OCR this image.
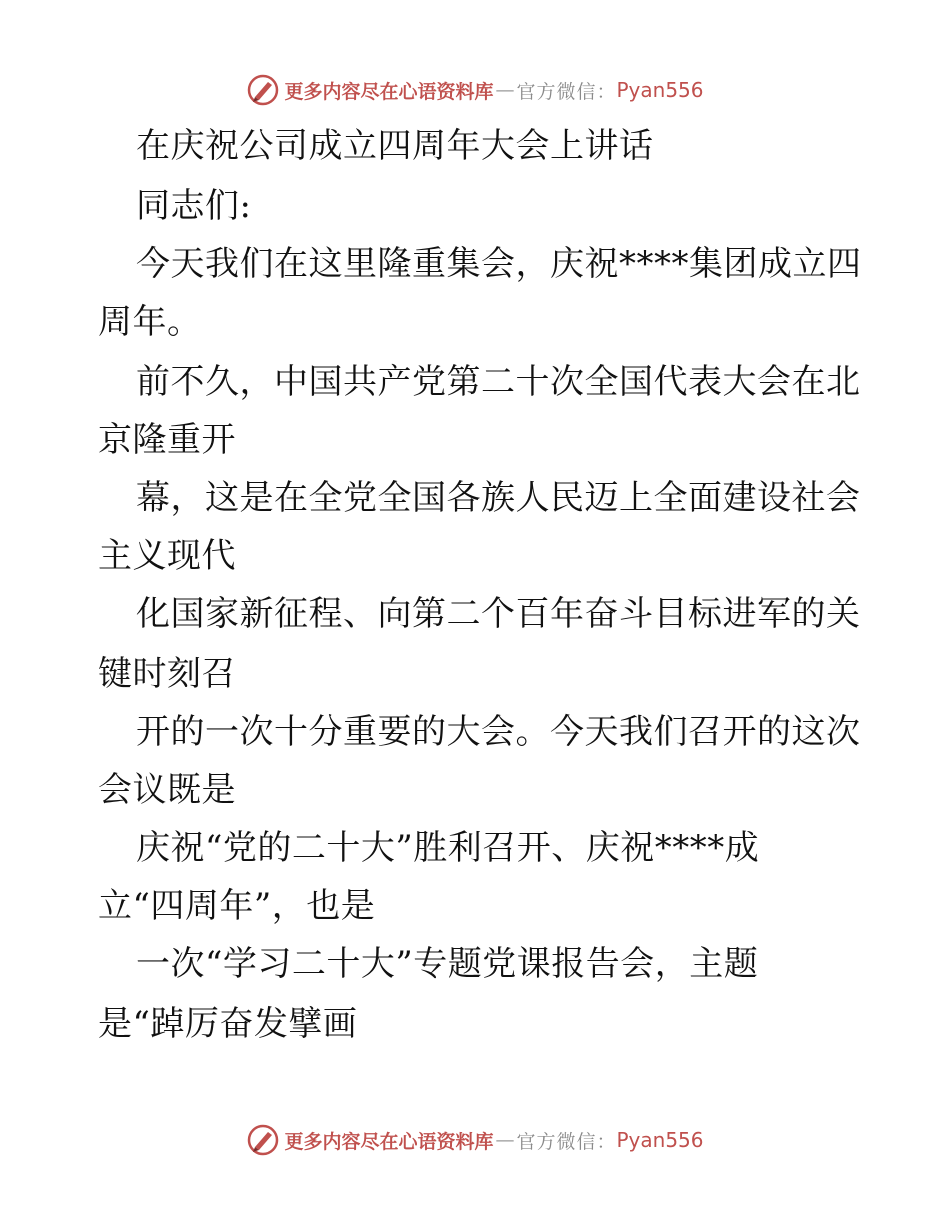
更多内容尽在心语资料库 — 官方微信： Pyan556
在庆祝公司成立四周年大会上讲话
同志们:
今天我们在这里隆重集会，庆祝****集团成立四
周年。
前不久，中国共产党第二十次全国代表大会在北
京隆重开
幕，这是在全党全国各族人民迈上全面建设社会
主义现代
化国家新征程、向第二个百年奋斗目标进军的关
键时刻召
开的一次十分重要的大会。今天我们召开的这次
会议既是
庆祝“党的二十大”胜利召开、庆祝****成
立“四周年”，也是
一次“学习二十大”专题党课报告会，主题
是“踔厉奋发擘画
更多内容尽在心语资料库 — 官方微信： Pyan556
